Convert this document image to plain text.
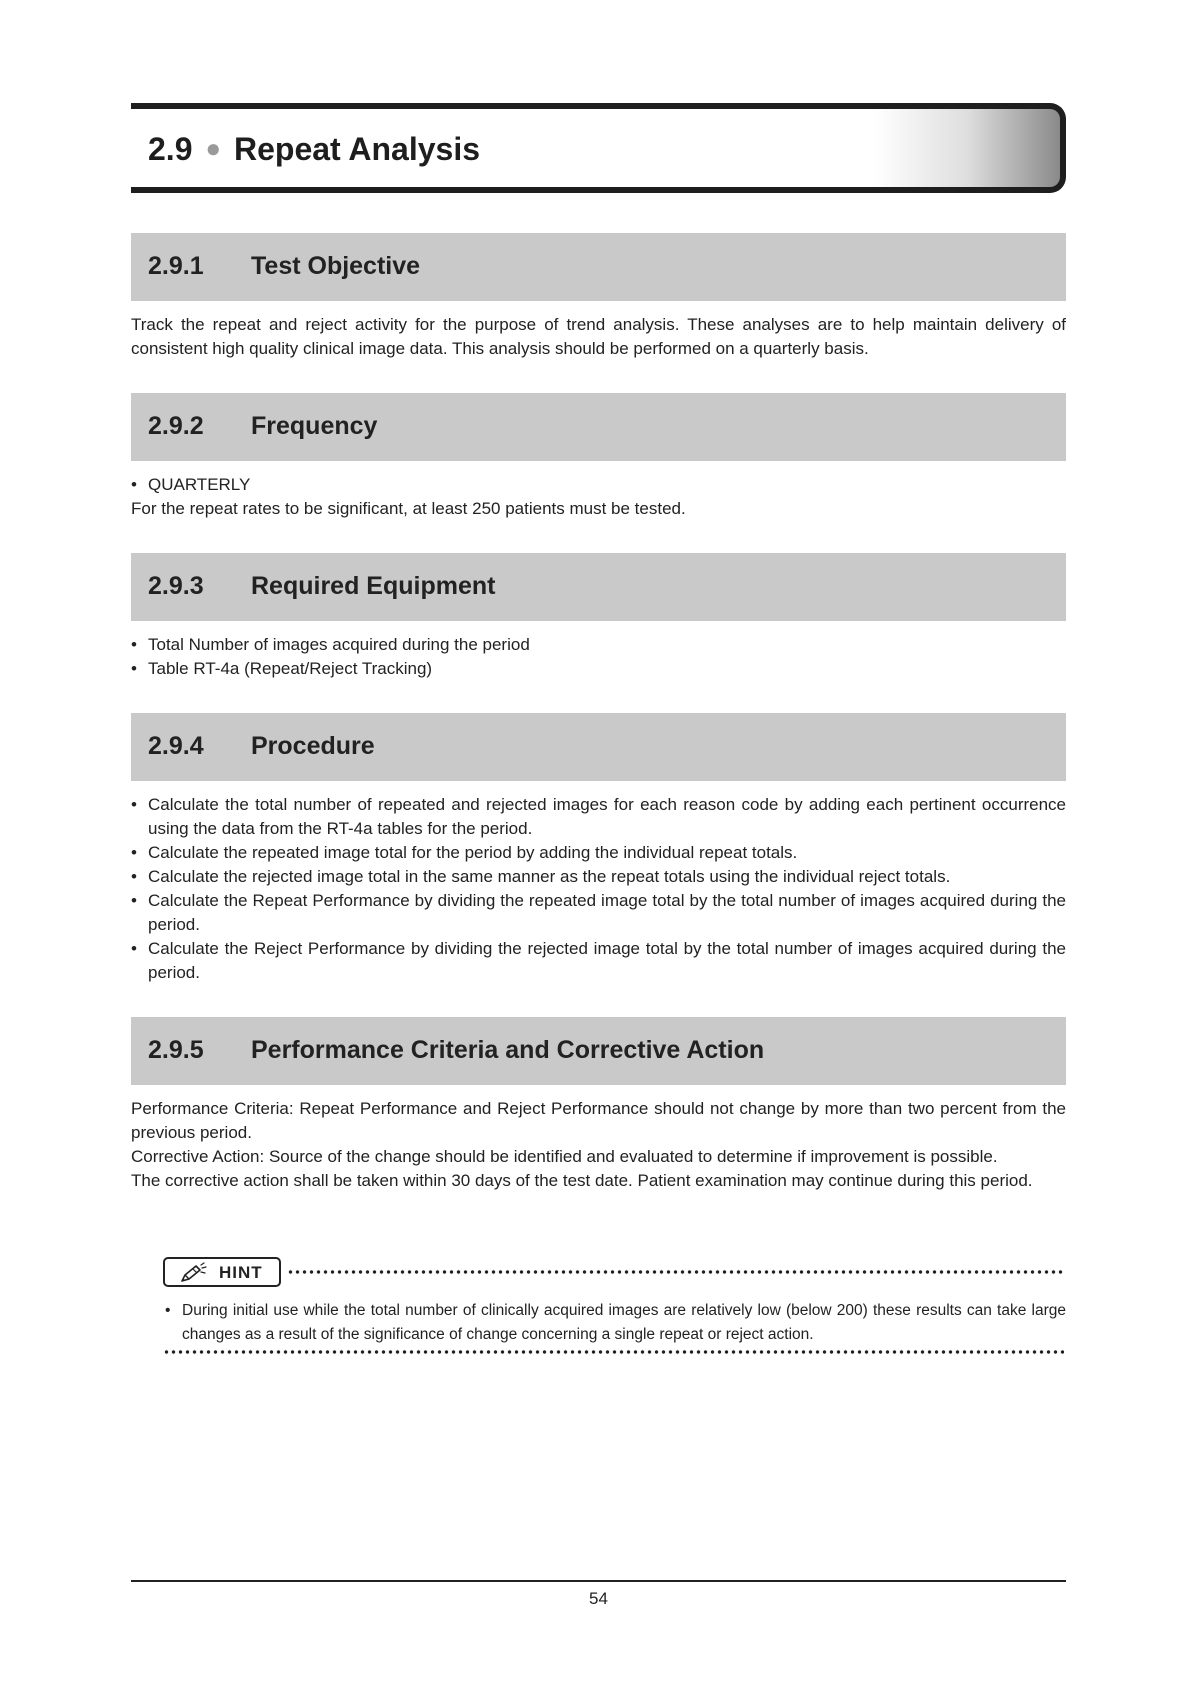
2.9 ● Repeat Analysis
2.9.1 Test Objective

Track the repeat and reject activity for the purpose of trend analysis. These analyses are to help maintain delivery of consistent high quality clinical image data. This analysis should be performed on a quarterly basis.

2.9.2 Frequency
• QUARTERLY

For the repeat rates to be significant, at least 250 patients must be tested.

2.9.3 Required Equipment
• Total Number of images acquired during the period
• Table RT-4a (Repeat/Reject Tracking)
2.9.4 Procedure
• Calculate the total number of repeated and rejected images for each reason code by adding each pertinent occurrence using the data from the RT-4a tables for the period.
• Calculate the repeated image total for the period by adding the individual repeat totals.
• Calculate the rejected image total in the same manner as the repeat totals using the individual reject totals.
• Calculate the Repeat Performance by dividing the repeated image total by the total number of images acquired during the period.
• Calculate the Reject Performance by dividing the rejected image total by the total number of images acquired during the period.
2.9.5 Performance Criteria and Corrective Action

Performance Criteria: Repeat Performance and Reject Performance should not change by more than two percent from the previous period.

Corrective Action: Source of the change should be identified and evaluated to determine if improvement is possible.

The corrective action shall be taken within 30 days of the test date. Patient examination may continue during this period.

HINT
• During initial use while the total number of clinically acquired images are relatively low (below 200) these results can take large changes as a result of the significance of change concerning a single repeat or reject action.
54
